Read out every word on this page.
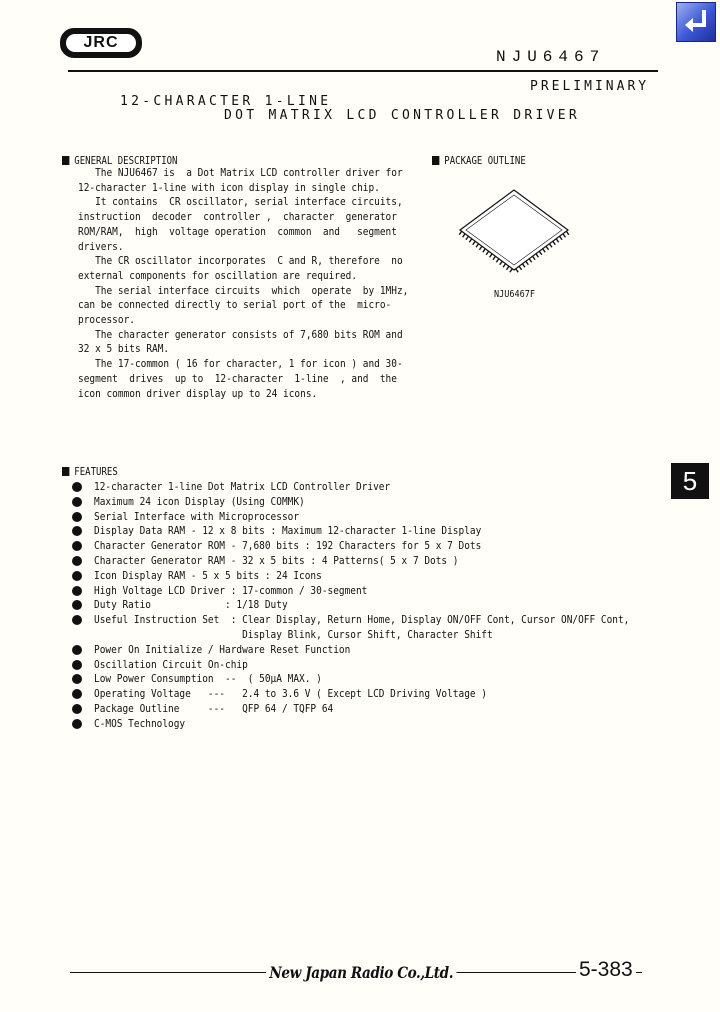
JRC
NJU6467
PRELIMINARY
12-CHARACTER 1-LINE
DOT MATRIX LCD CONTROLLER DRIVER
GENERAL DESCRIPTION
The NJU6467 is  a Dot Matrix LCD controller driver for
12-character 1-line with icon display in single chip.
It contains  CR oscillator, serial interface circuits,
instruction  decoder  controller ,  character  generator
ROM/RAM,  high  voltage operation  common  and   segment
drivers.
The CR oscillator incorporates  C and R, therefore  no
external components for oscillation are required.
The serial interface circuits  which  operate  by 1MHz,
can be connected directly to serial port of the  micro-
processor.
The character generator consists of 7,680 bits ROM and
32 x 5 bits RAM.
The 17-common ( 16 for character, 1 for icon ) and 30-
segment  drives  up to  12-character  1-line  , and  the
icon common driver display up to 24 icons.
PACKAGE OUTLINE
NJU6467F
FEATURES
12-character 1-line Dot Matrix LCD Controller Driver
Maximum 24 icon Display (Using COMMK)
Serial Interface with Microprocessor
Display Data RAM - 12 x 8 bits : Maximum 12-character 1-line Display
Character Generator ROM - 7,680 bits : 192 Characters for 5 x 7 Dots
Character Generator RAM - 32 x 5 bits : 4 Patterns( 5 x 7 Dots )
Icon Display RAM - 5 x 5 bits : 24 Icons
High Voltage LCD Driver : 17-common / 30-segment
Duty Ratio             : 1/18 Duty
Useful Instruction Set  : Clear Display, Return Home, Display ON/OFF Cont, Cursor ON/OFF Cont,
Display Blink, Cursor Shift, Character Shift
Power On Initialize / Hardware Reset Function
Oscillation Circuit On-chip
Low Power Consumption  --  ( 50μA MAX. )
Operating Voltage   ---   2.4 to 3.6 V ( Except LCD Driving Voltage )
Package Outline     ---   QFP 64 / TQFP 64
C-MOS Technology
5
New Japan Radio Co.,Ltd.	5-383
